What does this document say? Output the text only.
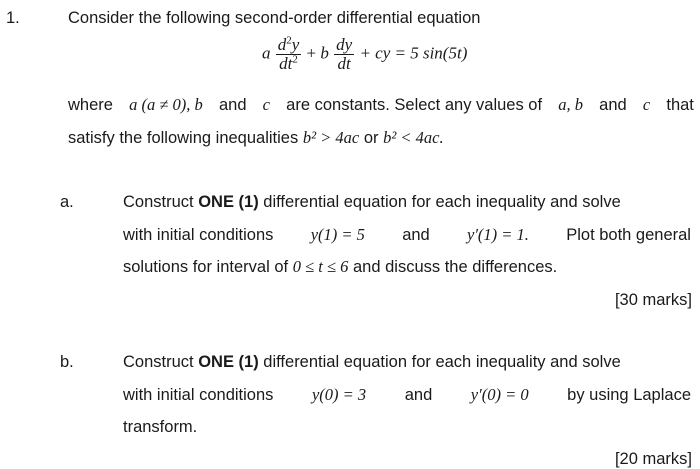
1.	Consider the following second-order differential equation
a $\frac{d^2y}{dt^2} + b \frac{dy}{dt}$ + cy = 5 sin(5t)
where a (a ≠ 0), b and c are constants. Select any values of a, b and c that
satisfy the following inequalities b² > 4ac or b² < 4ac.
a.	Construct ONE (1) differential equation for each inequality and solve
with initial conditions y(1) = 5 and y′(1) = 1. Plot both general
solutions for interval of 0 ≤ t ≤ 6 and discuss the differences.
[30 marks]
b.	Construct ONE (1) differential equation for each inequality and solve
with initial conditions y(0) = 3 and y′(0) = 0 by using Laplace
transform.
[20 marks]
